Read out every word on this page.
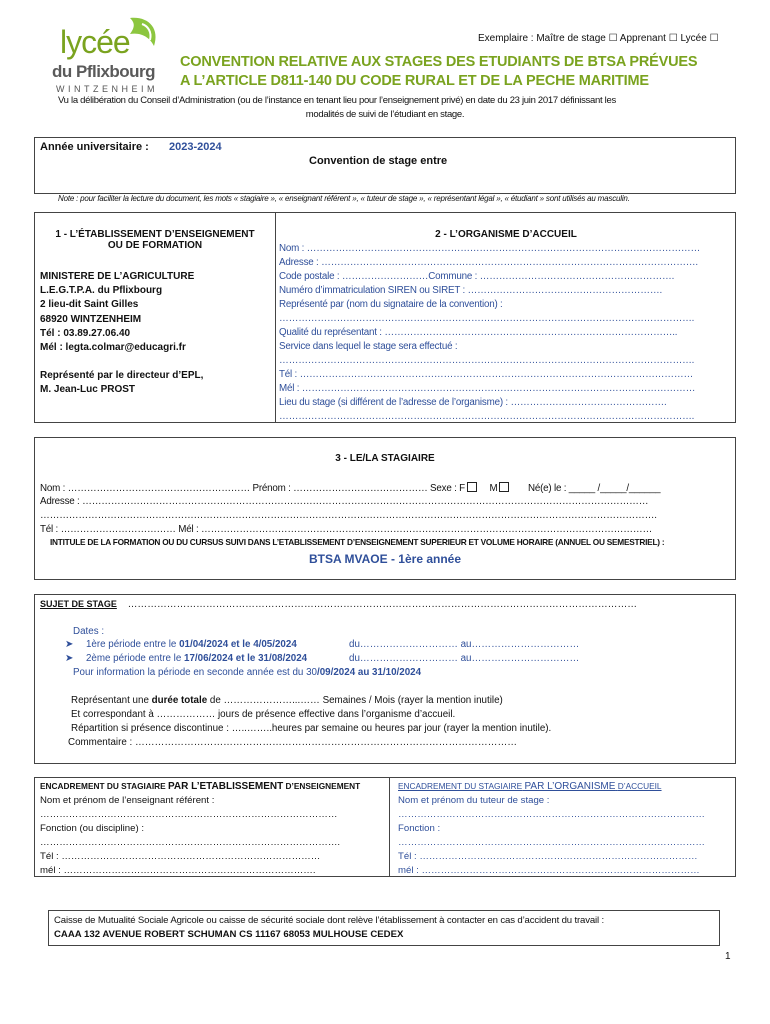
Exemplaire : Maître de stage ☐ Apprenant ☐ Lycée ☐
lycée
du Pflixbourg
WINTZENHEIM
CONVENTION RELATIVE AUX STAGES DES ETUDIANTS DE BTSA PRÉVUES
A L’ARTICLE D811-140 DU CODE RURAL ET DE LA PECHE MARITIME
Vu la délibération du Conseil d’Administration (ou de l’instance en tenant lieu pour l’enseignement privé) en date du 23 juin 2017 définissant les
modalités de suivi de l’étudiant en stage.
Année universitaire : 2023-2024
Convention de stage entre
Note : pour faciliter la lecture du document, les mots « stagiaire », « enseignant référent », « tuteur de stage », « représentant légal », « étudiant » sont utilisés au masculin.
1 - L’ÉTABLISSEMENT D’ENSEIGNEMENT
OU DE FORMATION
MINISTERE DE L’AGRICULTURE
L.E.G.T.P.A. du Pflixbourg
2 lieu-dit Saint Gilles
68920 WINTZENHEIM
Tél : 03.89.27.06.40
Mél : legta.colmar@educagri.fr
Représenté par le directeur d’EPL,
M. Jean-Luc PROST
2 - L’ORGANISME D’ACCUEIL
Nom : ……………………………………………………………………………………………………………
Adresse : ……………………………………………………………………………………………………….
Code postale : ………………………Commune : …………………………………………………….
Numéro d’immatriculation SIREN ou SIRET : …………………………………………………….
Représenté par (nom du signataire de la convention) :
………………………………………………………………………………………………………………….
Qualité du représentant : ………………………………………………………………………………..
Service dans lequel le stage sera effectué :
………………………………………………………………………………………………………………….
Tél : ……………………………………………………………………………………………………………
Mél : ……………………………………………………………………………………………………………
Lieu du stage (si différent de l’adresse de l’organisme) : ………………………………………….
………………………………………………………………………………………………………………….
3 - LE/LA STAGIAIRE
Nom : ………………………………………………… Prénom : …………………………………… Sexe : F	M	Né(e) le : _____ /_____/______
Adresse : ……………………………………………………………………………………………………………………………………………………………
………………………………………………………………………………………………………………………………………………………………………….
Tél : ……………………………… Mél : ……………………………………………………………………………………………………………………………
INTITULE DE LA FORMATION OU DU CURSUS SUIVI DANS L’ETABLISSEMENT D’ENSEIGNEMENT SUPERIEUR ET VOLUME HORAIRE (ANNUEL OU SEMESTRIEL) :
BTSA MVAOE - 1ère année
SUJET DE STAGE …………………………………………………………………………………………………………………………………………
Dates :
➤ 1ère période entre le 01/04/2024 et le 4/05/2024	du………………………… au……………………………
➤ 2ème période entre le 17/06/2024 et le 31/08/2024	du………………………… au……………………………
Pour information la période en seconde année est du 30/09/2024 au 31/10/2024
Représentant une durée totale de …………………...…… Semaines / Mois (rayer la mention inutile)
Et correspondant à ……………… jours de présence effective dans l’organisme d’accueil.
Répartition si présence discontinue : …..……..heures par semaine ou heures par jour (rayer la mention inutile).
Commentaire : ………………………………………………………………………………………………………
ENCADREMENT DU STAGIAIRE PAR L’ETABLISSEMENT D’ENSEIGNEMENT
Nom et prénom de l’enseignant référent :
…………………………………………………………………………………
Fonction (ou discipline) :
………………………………………………………………………………….
Tél : ………………………………………………………………………
mél : …………………………………………………………………….
ENCADREMENT DU STAGIAIRE PAR L’ORGANISME D’ACCUEIL
Nom et prénom du tuteur de stage :
……………………………………………………………………………………
Fonction :
……………………………………………………………………………………
Tél : ……………………………………………………………………………
mél : ……………………………………………………………………………
Caisse de Mutualité Sociale Agricole ou caisse de sécurité sociale dont relève l’établissement à contacter en cas d’accident du travail :
CAAA 132 AVENUE ROBERT SCHUMAN CS 11167 68053 MULHOUSE CEDEX
1
